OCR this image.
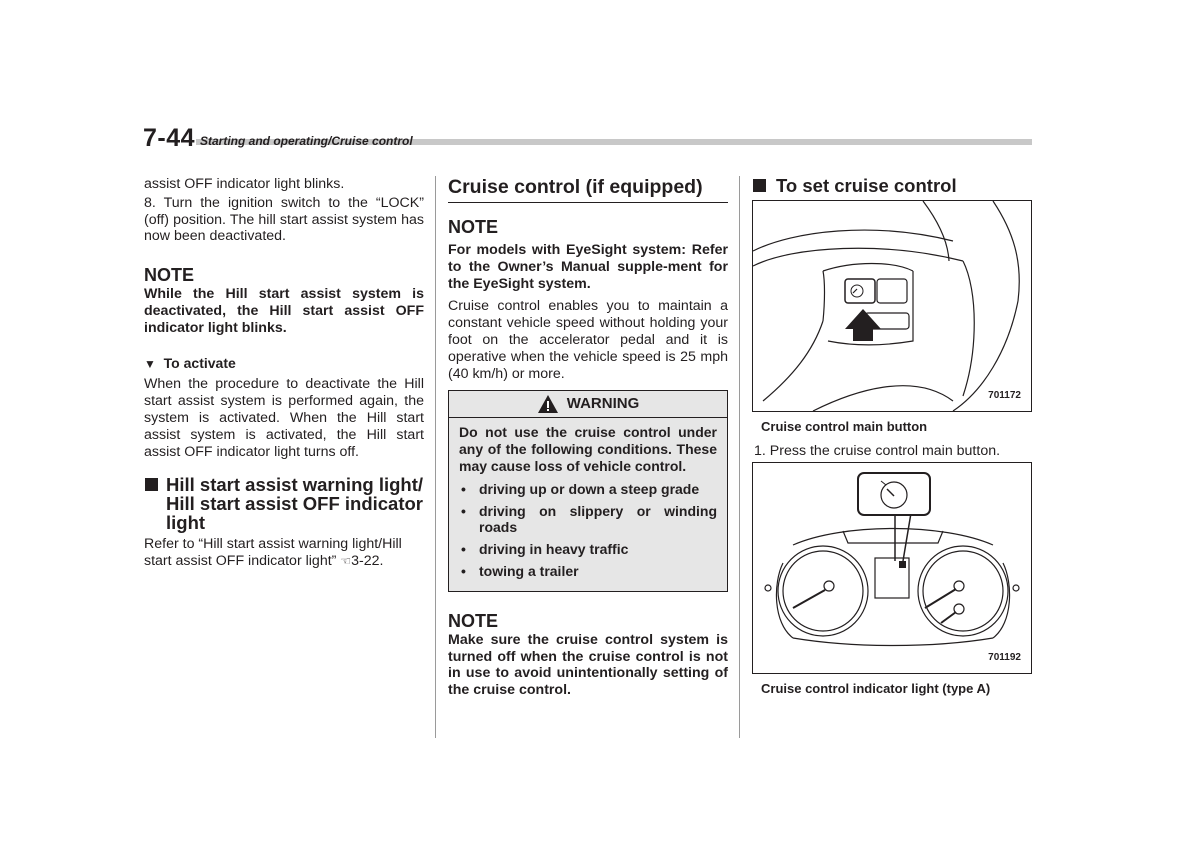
7-44 Starting and operating/Cruise control

assist OFF indicator light blinks.

8. Turn the ignition switch to the “LOCK” (off) position. The hill start assist system has now been deactivated.

NOTE

While the Hill start assist system is deactivated, the Hill start assist OFF indicator light blinks.

▼ To activate

When the procedure to deactivate the Hill start assist system is performed again, the system is activated. When the Hill start assist system is activated, the Hill start assist OFF indicator light turns off.

Hill start assist warning light/ Hill start assist OFF indicator light

Refer to “Hill start assist warning light/Hill start assist OFF indicator light” ☜3-22.

Cruise control (if equipped)
NOTE

For models with EyeSight system: Refer to the Owner’s Manual supple-ment for the EyeSight system.

Cruise control enables you to maintain a constant vehicle speed without holding your foot on the accelerator pedal and it is operative when the vehicle speed is 25 mph (40 km/h) or more.

WARNING

Do not use the cruise control under any of the following conditions. These may cause loss of vehicle control.

• driving up or down a steep grade
• driving on slippery or winding roads
• driving in heavy traffic
• towing a trailer
NOTE

Make sure the cruise control system is turned off when the cruise control is not in use to avoid unintentionally setting of the cruise control.

To set cruise control
701172
Cruise control main button

1. Press the cruise control main button.

701192
Cruise control indicator light (type A)
